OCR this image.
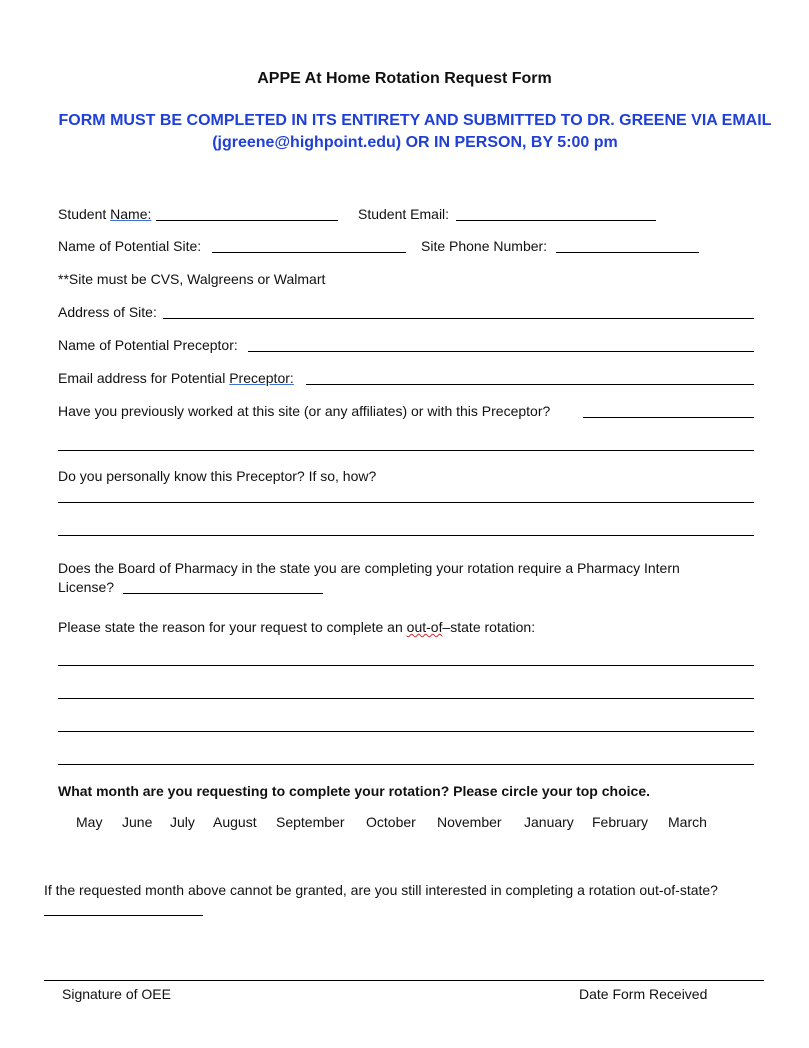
APPE At Home Rotation Request Form
FORM MUST BE COMPLETED IN ITS ENTIRETY AND SUBMITTED TO DR. GREENE VIA EMAIL
(jgreene@highpoint.edu) OR IN PERSON, BY 5:00 pm
Student Name:	Student Email:
Name of Potential Site:	Site Phone Number:
**Site must be CVS, Walgreens or Walmart
Address of Site:
Name of Potential Preceptor:
Email address for Potential Preceptor:
Have you previously worked at this site (or any affiliates) or with this Preceptor?
Do you personally know this Preceptor? If so, how?
Does the Board of Pharmacy in the state you are completing your rotation require a Pharmacy Intern
License?
Please state the reason for your request to complete an out-of–state rotation:
What month are you requesting to complete your rotation? Please circle your top choice.
May June July August September October November January February March
If the requested month above cannot be granted, are you still interested in completing a rotation out-of-state?
Signature of OEE	Date Form Received
